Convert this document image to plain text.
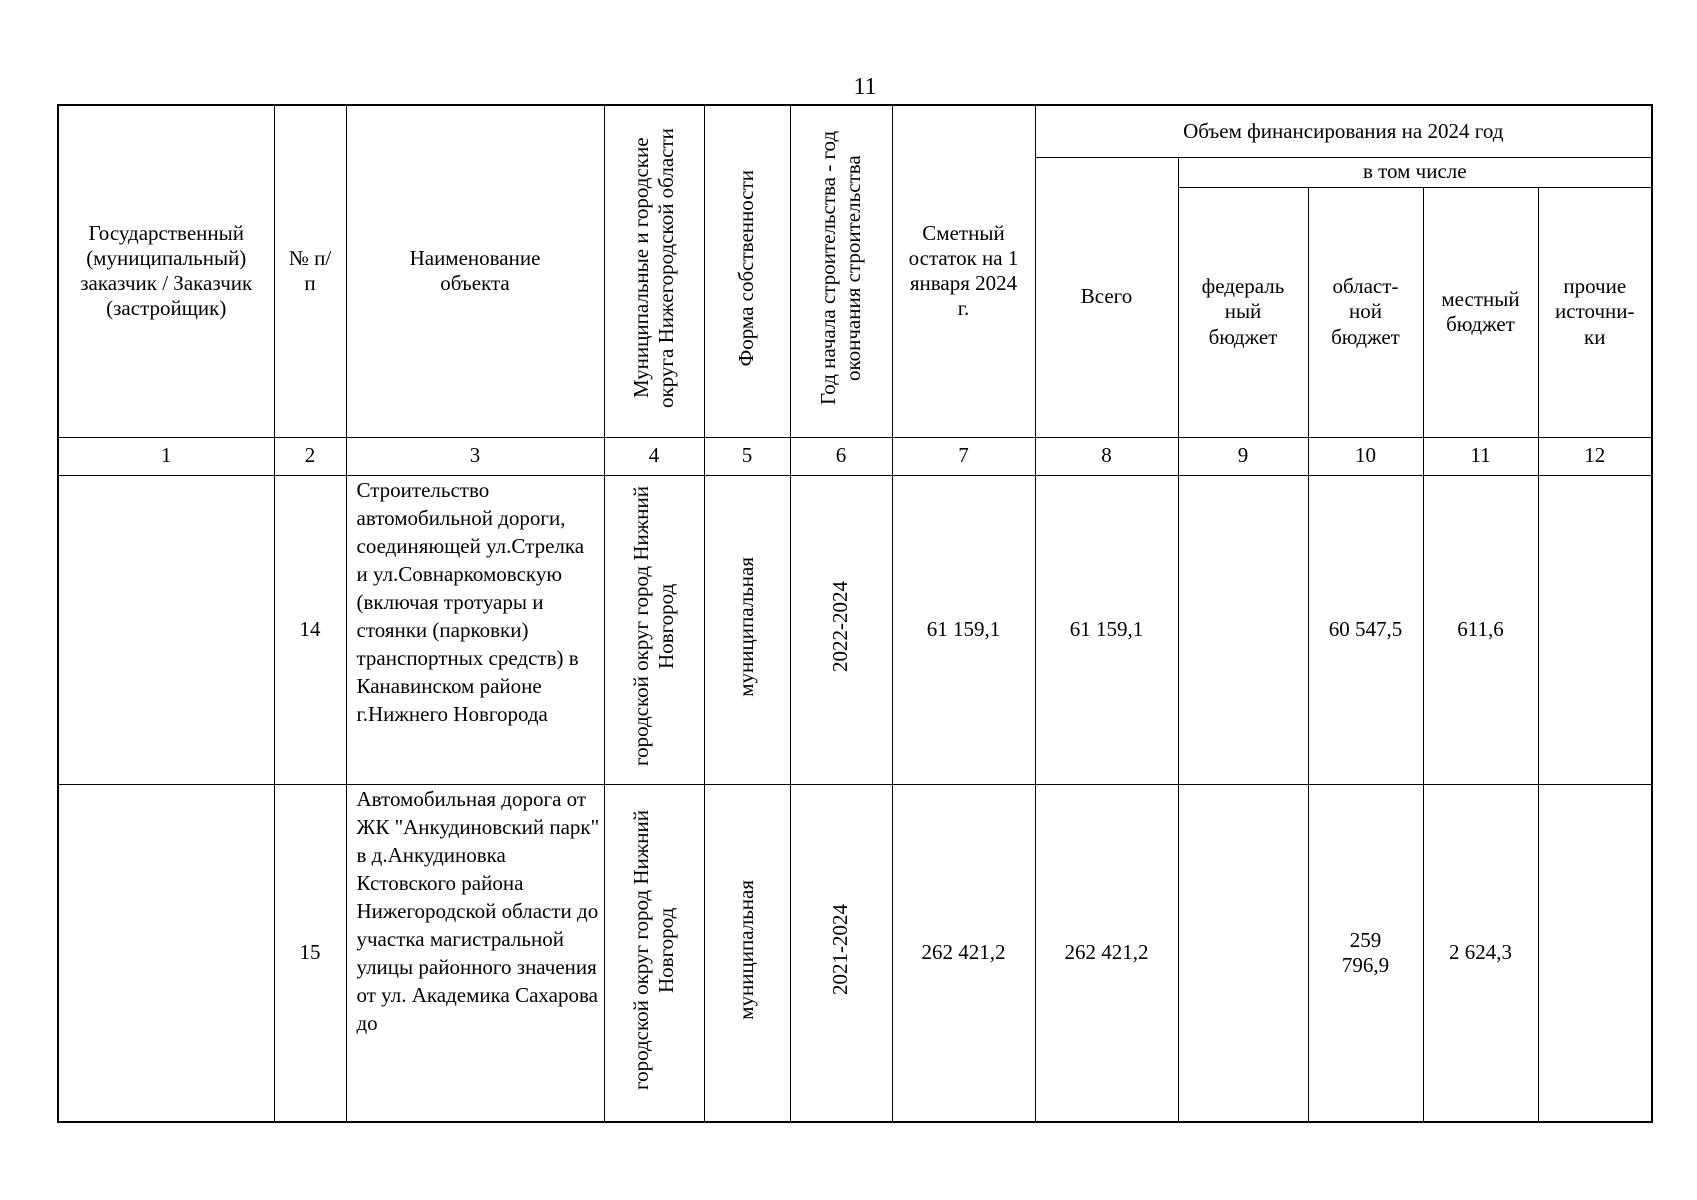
11
Государственный (муниципальный) заказчик / Заказчик (застройщик)	№ п/п	Наименование объекта	Муниципальные и городские округа Нижегородской области	Форма собственности	Год начала строительства - год окончания строительства	Сметный остаток на 1 января 2024 г.	Объем финансирования на 2024 год				
							Всего	в том числе			
								федераль ный бюджет	област- ной бюджет	местный бюджет	прочие источни- ки
1	2	3	4	5	6	7	8	9	10	11	12
	14	Строительство автомобильной дороги, соединяющей ул.Стрелка и ул.Совнаркомовскую (включая тротуары и стоянки (парковки) транспортных средств) в Канавинском районе г.Нижнего Новгорода	городской округ город Нижний Новгород	муниципальная	2022-2024	61 159,1	61 159,1		60 547,5	611,6	
	15	Автомобильная дорога от ЖК "Анкудиновский парк" в д.Анкудиновка Кстовского района Нижегородской области до участка магистральной улицы районного значения от ул. Академика Сахарова до	городской округ город Нижний Новгород	муниципальная	2021-2024	262 421,2	262 421,2		259 796,9	2 624,3	
